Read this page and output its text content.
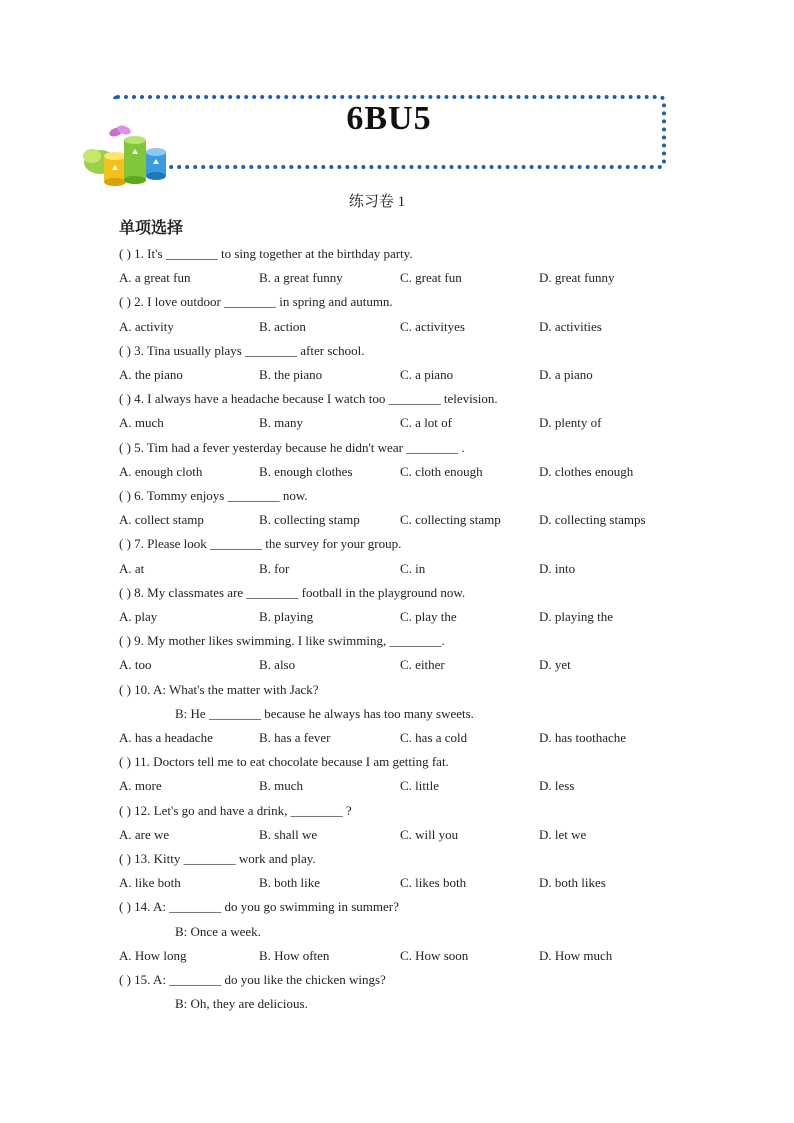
6BU5
练习卷 1
单项选择
( ) 1. It's ________ to sing together at the birthday party.
A. a great fun	B. a great funny	C. great fun	D. great funny
( ) 2. I love outdoor ________ in spring and autumn.
A. activity	B. action	C. activityes	D. activities
( ) 3. Tina usually plays ________ after school.
A. the piano	B. the piano	C. a piano	D. a piano
( ) 4. I always have a headache because I watch too ________ television.
A. much	B. many	C. a lot of	D. plenty of
( ) 5. Tim had a fever yesterday because he didn't wear ________ .
A. enough cloth	B. enough clothes	C. cloth enough	D. clothes enough
( ) 6. Tommy enjoys ________ now.
A. collect stamp	B. collecting stamp	C. collecting stamp	D. collecting stamps
( ) 7. Please look ________ the survey for your group.
A. at	B. for	C. in	D. into
( ) 8. My classmates are ________ football in the playground now.
A. play	B. playing	C. play the	D. playing the
( ) 9. My mother likes swimming. I like swimming, ________.
A. too	B. also	C. either	D. yet
( ) 10. A: What's the matter with Jack?
B: He ________ because he always has too many sweets.
A. has a headache	B. has a fever	C. has a cold	D. has toothache
( ) 11. Doctors tell me to eat chocolate because I am getting fat.
A. more	B. much	C. little	D. less
( ) 12. Let's go and have a drink, ________ ?
A. are we	B. shall we	C. will you	D. let we
( ) 13. Kitty ________ work and play.
A. like both	B. both like	C. likes both	D. both likes
( ) 14. A: ________ do you go swimming in summer?
B: Once a week.
A. How long	B. How often	C. How soon	D. How much
( ) 15. A: ________ do you like the chicken wings?
B: Oh, they are delicious.
